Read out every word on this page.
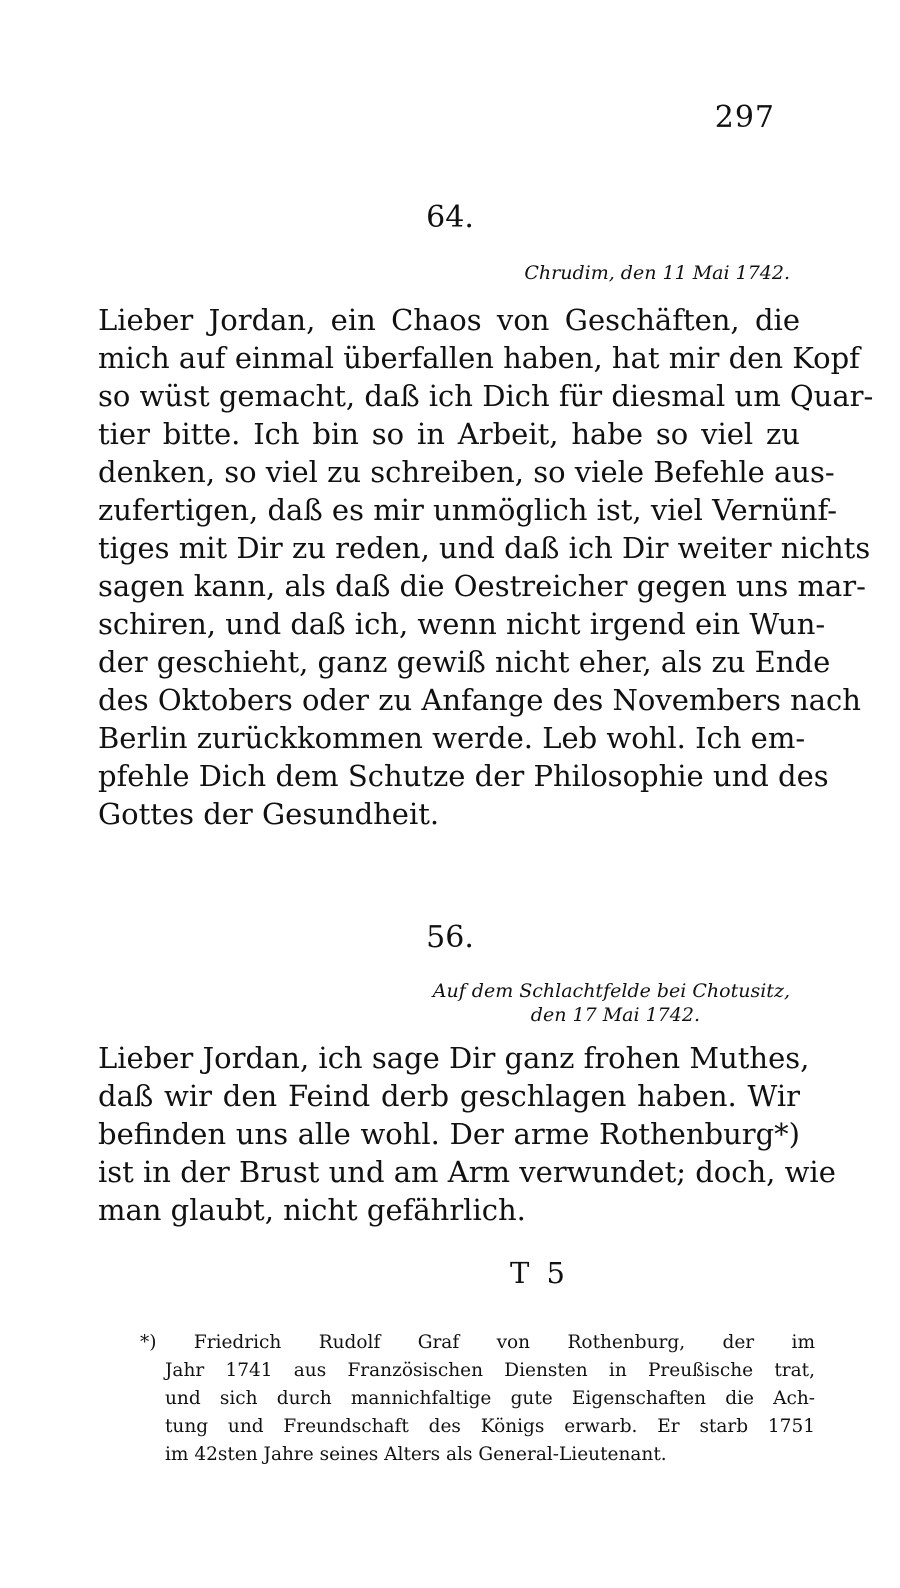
297
64.
Chrudim, den 11 Mai 1742.
Lieber Jordan, ein Chaos von Geschäften, die
mich auf einmal überfallen haben, hat mir den Kopf
so wüst gemacht, daß ich Dich für diesmal um Quar-
tier bitte. Ich bin so in Arbeit, habe so viel zu
denken, so viel zu schreiben, so viele Befehle aus-
zufertigen, daß es mir unmöglich ist, viel Vernünf-
tiges mit Dir zu reden, und daß ich Dir weiter nichts
sagen kann, als daß die Oestreicher gegen uns mar-
schiren, und daß ich, wenn nicht irgend ein Wun-
der geschieht, ganz gewiß nicht eher, als zu Ende
des Oktobers oder zu Anfange des Novembers nach
Berlin zurückkommen werde. Leb wohl. Ich em-
pfehle Dich dem Schutze der Philosophie und des
Gottes der Gesundheit.
56.
Auf dem Schlachtfelde bei Chotusitz,
den 17 Mai 1742.
Lieber Jordan, ich sage Dir ganz frohen Muthes,
daß wir den Feind derb geschlagen haben. Wir
befinden uns alle wohl. Der arme Rothenburg*)
ist in der Brust und am Arm verwundet; doch, wie
man glaubt, nicht gefährlich.
T 5
*) Friedrich Rudolf Graf von Rothenburg, der im
Jahr 1741 aus Französischen Diensten in Preußische trat,
und sich durch mannichfaltige gute Eigenschaften die Ach-
tung und Freundschaft des Königs erwarb. Er starb 1751
im 42sten Jahre seines Alters als General-Lieutenant.
